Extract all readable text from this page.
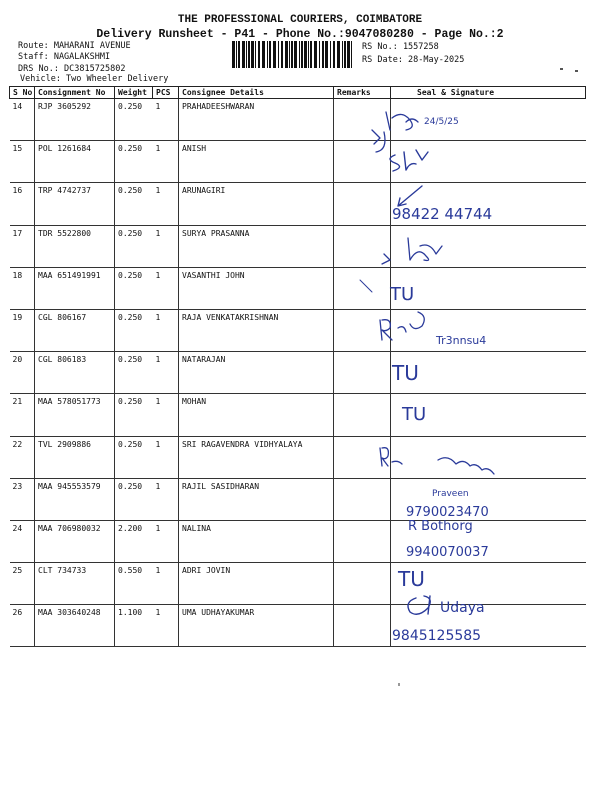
THE PROFESSIONAL COURIERS, COIMBATORE
Delivery Runsheet - P41 - Phone No.:9047080280 - Page No.:2
Route: MAHARANI AVENUE
Staff: NAGALAKSHMI
DRS No.: DC3815725802
Vehicle: Two Wheeler Delivery
RS No.: 1557258
RS Date: 28-May-2025
S No	Consignment No	Weight	PCS	Consignee Details	Remarks	Seal & Signature
14	RJP 3605292	0.250	1	PRAHADEESHWARAN		
15	POL 1261684	0.250	1	ANISH		
16	TRP 4742737	0.250	1	ARUNAGIRI		
17	TDR 5522800	0.250	1	SURYA PRASANNA		
18	MAA 651491991	0.250	1	VASANTHI JOHN		
19	CGL 806167	0.250	1	RAJA VENKATAKRISHNAN		
20	CGL 806183	0.250	1	NATARAJAN		
21	MAA 578051773	0.250	1	MOHAN		
22	TVL 2909886	0.250	1	SRI RAGAVENDRA VIDHYALAYA		
23	MAA 945553579	0.250	1	RAJIL SASIDHARAN		
24	MAA 706980032	2.200	1	NALINA		
25	CLT 734733	0.550	1	ADRI JOVIN		
26	MAA 303640248	1.100	1	UMA UDHAYAKUMAR		
24/5/25
98422 44744
TU
Tr3nnsu4
TU
TU
Praveen
9790023470
R Bothorg
9940070037
TU
Udaya
9845125585
